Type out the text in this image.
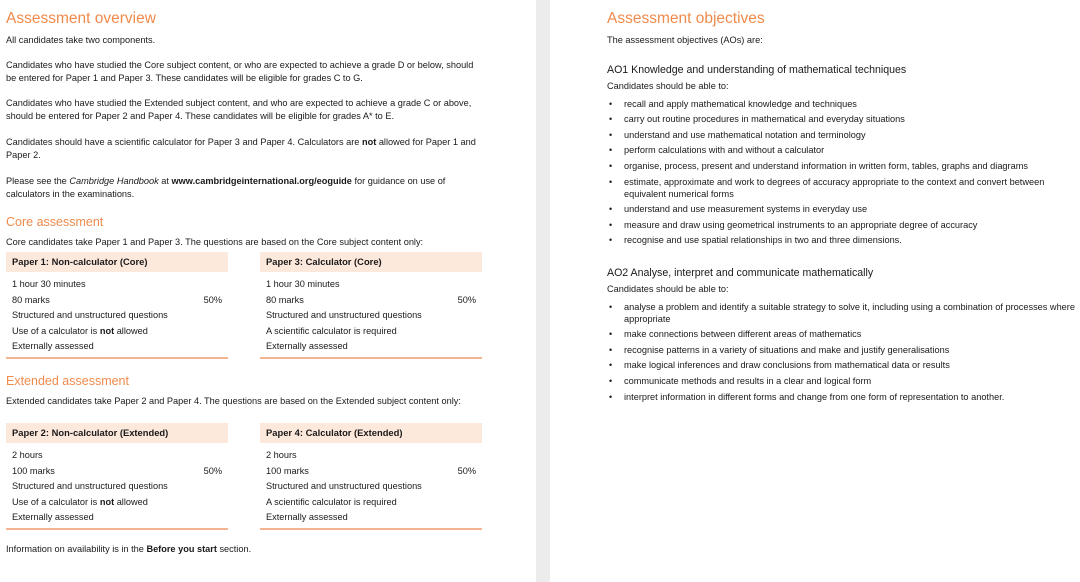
Assessment overview
All candidates take two components.
Candidates who have studied the Core subject content, or who are expected to achieve a grade D or below, should be entered for Paper 1 and Paper 3. These candidates will be eligible for grades C to G.
Candidates who have studied the Extended subject content, and who are expected to achieve a grade C or above, should be entered for Paper 2 and Paper 4. These candidates will be eligible for grades A* to E.
Candidates should have a scientific calculator for Paper 3 and Paper 4. Calculators are not allowed for Paper 1 and Paper 2.
Please see the Cambridge Handbook at www.cambridgeinternational.org/eoguide for guidance on use of calculators in the examinations.
Core assessment
Core candidates take Paper 1 and Paper 3. The questions are based on the Core subject content only:
Paper 1: Non-calculator (Core)
1 hour 30 minutes
80 marks	50%
Structured and unstructured questions
Use of a calculator is not allowed
Externally assessed
Paper 3: Calculator (Core)
1 hour 30 minutes
80 marks	50%
Structured and unstructured questions
A scientific calculator is required
Externally assessed
Extended assessment
Extended candidates take Paper 2 and Paper 4. The questions are based on the Extended subject content only:
Paper 2: Non-calculator (Extended)
2 hours
100 marks	50%
Structured and unstructured questions
Use of a calculator is not allowed
Externally assessed
Paper 4: Calculator (Extended)
2 hours
100 marks	50%
Structured and unstructured questions
A scientific calculator is required
Externally assessed
Information on availability is in the Before you start section.
Assessment objectives
The assessment objectives (AOs) are:
AO1 Knowledge and understanding of mathematical techniques
Candidates should be able to:
• recall and apply mathematical knowledge and techniques
• carry out routine procedures in mathematical and everyday situations
• understand and use mathematical notation and terminology
• perform calculations with and without a calculator
• organise, process, present and understand information in written form, tables, graphs and diagrams
• estimate, approximate and work to degrees of accuracy appropriate to the context and convert between equivalent numerical forms
• understand and use measurement systems in everyday use
• measure and draw using geometrical instruments to an appropriate degree of accuracy
• recognise and use spatial relationships in two and three dimensions.
AO2 Analyse, interpret and communicate mathematically
Candidates should be able to:
• analyse a problem and identify a suitable strategy to solve it, including using a combination of processes where appropriate
• make connections between different areas of mathematics
• recognise patterns in a variety of situations and make and justify generalisations
• make logical inferences and draw conclusions from mathematical data or results
• communicate methods and results in a clear and logical form
• interpret information in different forms and change from one form of representation to another.
